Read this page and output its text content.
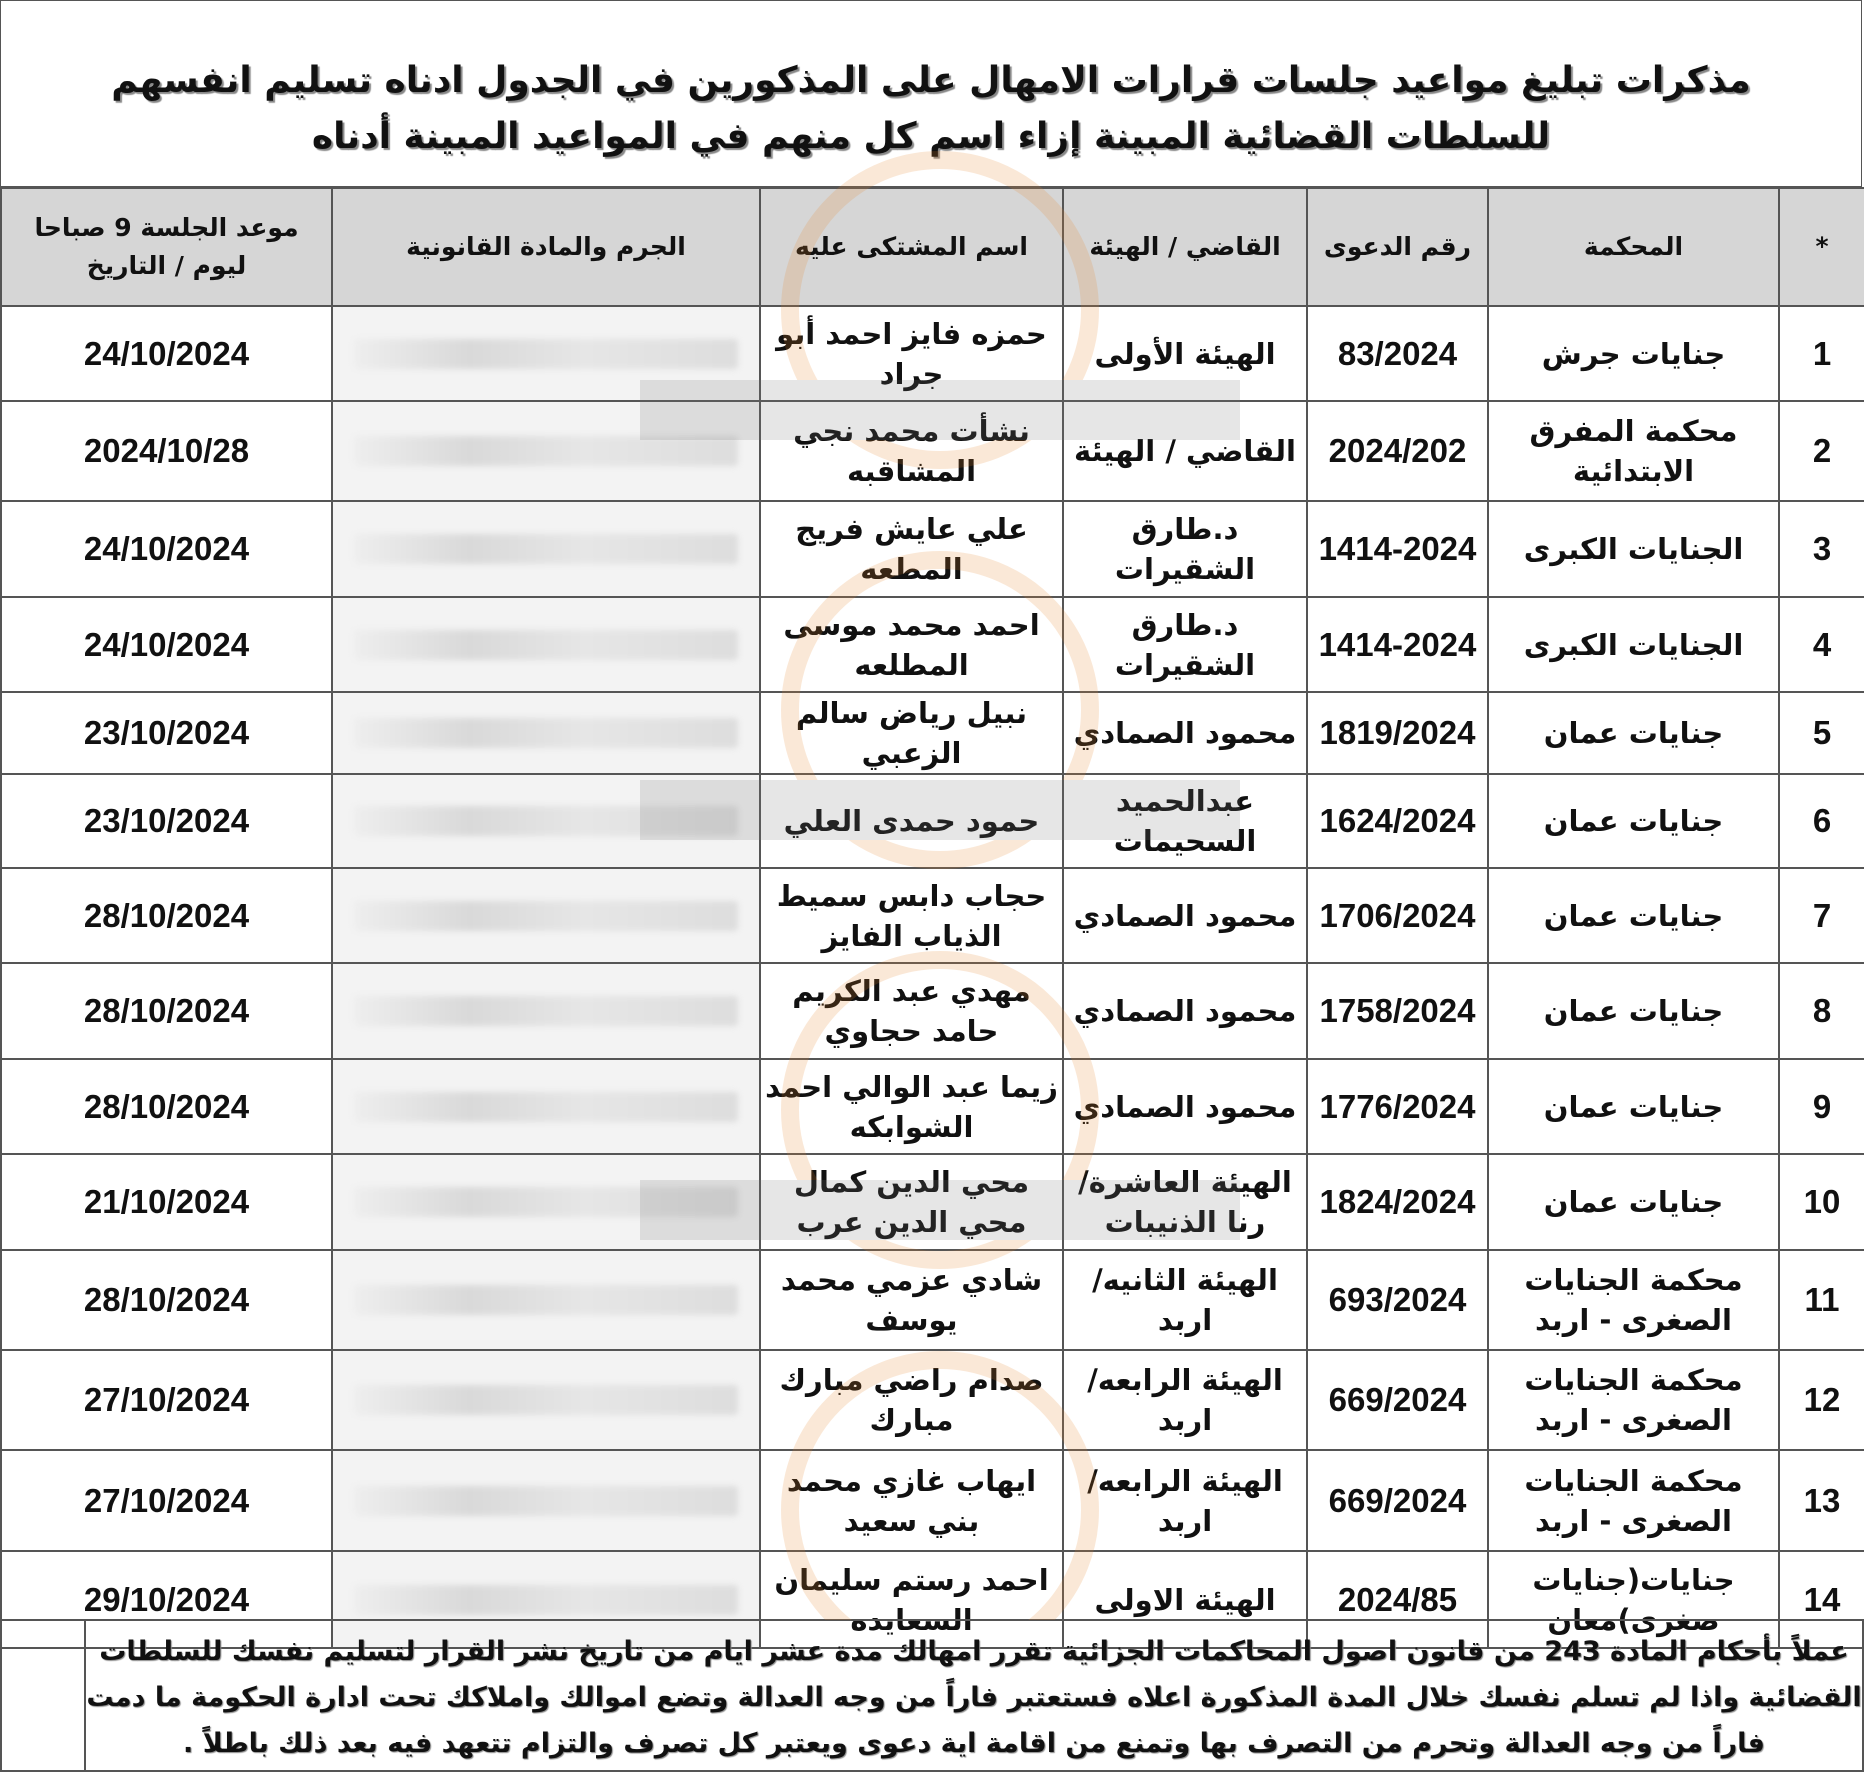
مذكرات تبليغ مواعيد جلسات قرارات الامهال على المذكورين في الجدول ادناه تسليم انفسهم للسلطات القضائية المبينة إزاء اسم كل منهم في المواعيد المبينة أدناه
*	المحكمة	رقم الدعوى	القاضي / الهيئة	اسم المشتكى عليه	الجرم والمادة القانونية	موعد الجلسة 9 صباحا ليوم / التاريخ
1	جنايات جرش	83/2024	الهيئة الأولى	حمزه فايز احمد أبو جراد		24/10/2024
2	محكمة المفرق الابتدائية	2024/202	القاضي / الهيئة	نشأت محمد نجي المشاقبه		2024/10/28
3	الجنايات الكبرى	1414-2024	د.طارق الشقيرات	علي عايش فريج المطعه		24/10/2024
4	الجنايات الكبرى	1414-2024	د.طارق الشقيرات	احمد محمد موسى المطلعه		24/10/2024
5	جنايات عمان	1819/2024	محمود الصمادي	نبيل رياض سالم الزعبي		23/10/2024
6	جنايات عمان	1624/2024	عبدالحميد السحيمات	حمود حمدى العلي		23/10/2024
7	جنايات عمان	1706/2024	محمود الصمادي	حجاب دابس سميط الذياب الفايز		28/10/2024
8	جنايات عمان	1758/2024	محمود الصمادي	مهدي عبد الكريم حامد حجاوي		28/10/2024
9	جنايات عمان	1776/2024	محمود الصمادي	زيما عبد الوالي احمد الشوابكه		28/10/2024
10	جنايات عمان	1824/2024	الهيئة العاشرة/رنا الذنيبات	محي الدين كمال محي الدين عرب		21/10/2024
11	محكمة الجنايات الصغرى - اربد	693/2024	الهيئة الثانيه/ اربد	شادي عزمي محمد يوسف		28/10/2024
12	محكمة الجنايات الصغرى - اربد	669/2024	الهيئة الرابعه/ اربد	صدام راضي مبارك مبارك		27/10/2024
13	محكمة الجنايات الصغرى - اربد	669/2024	الهيئة الرابعه/ اربد	ايهاب غازي محمد بني سعيد		27/10/2024
14	جنايات(جنايات صغرى)معان	2024/85	الهيئة الاولى	احمد رستم سليمان السعايده		29/10/2024
عملاً بأحكام المادة 243 من قانون اصول المحاكمات الجزائية تقرر امهالك مدة عشر ايام من تاريخ نشر القرار لتسليم نفسك للسلطات القضائية واذا لم تسلم نفسك خلال المدة المذكورة اعلاه فستعتبر فاراً من وجه العدالة وتضع اموالك واملاكك تحت ادارة الحكومة ما دمت فاراً من وجه العدالة وتحرم من التصرف بها وتمنع من اقامة اية دعوى ويعتبر كل تصرف والتزام تتعهد فيه بعد ذلك باطلاً .
